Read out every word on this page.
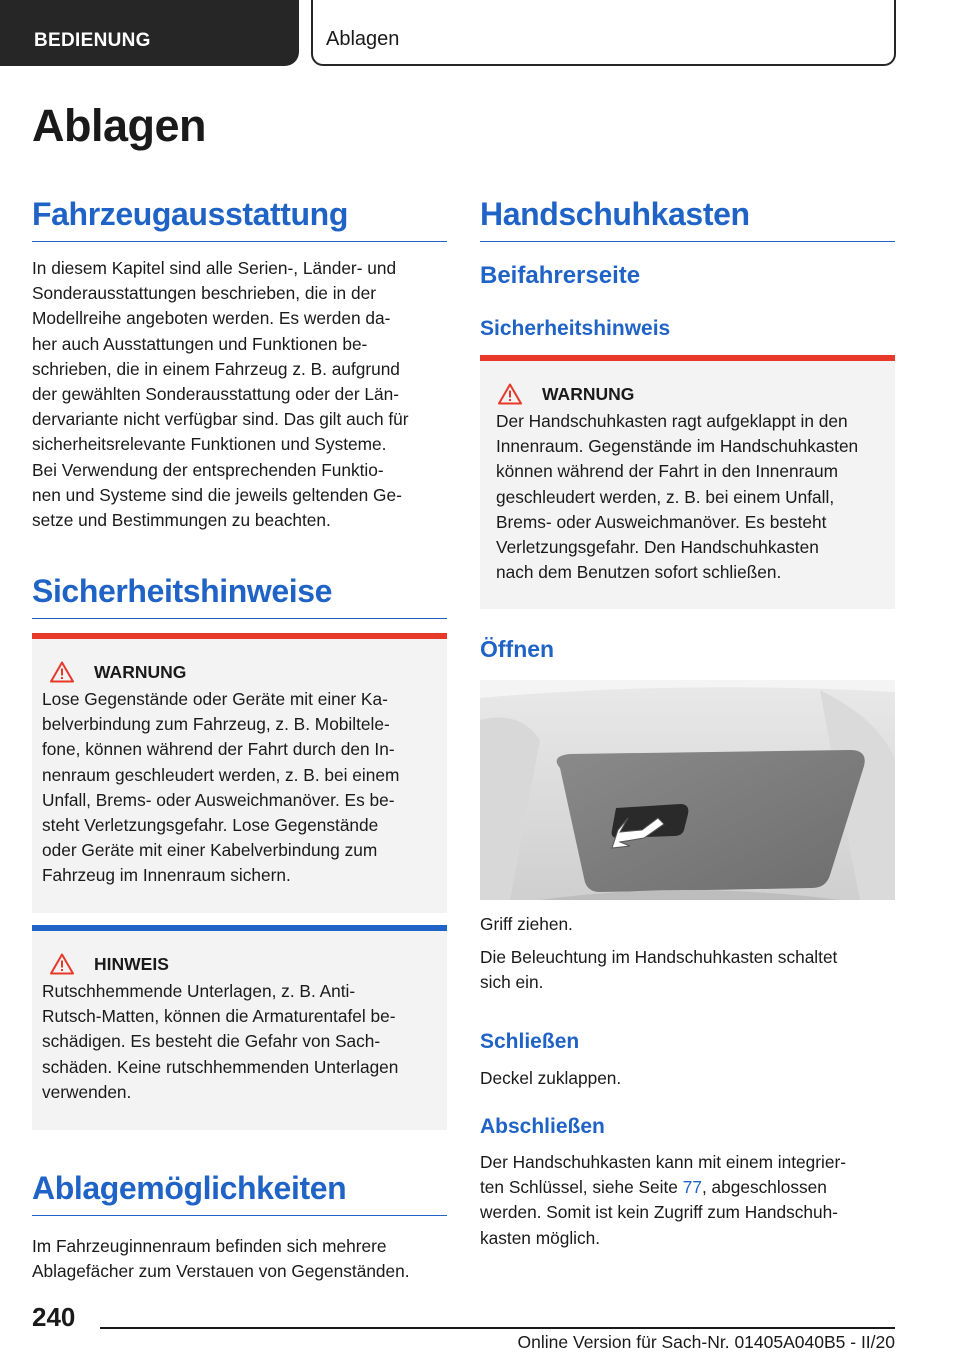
BEDIENUNG	Ablagen
Ablagen
Fahrzeugausstattung
In diesem Kapitel sind alle Serien-, Länder- und
Sonderausstattungen beschrieben, die in der
Modellreihe angeboten werden. Es werden da-
her auch Ausstattungen und Funktionen be-
schrieben, die in einem Fahrzeug z. B. aufgrund
der gewählten Sonderausstattung oder der Län-
dervariante nicht verfügbar sind. Das gilt auch für
sicherheitsrelevante Funktionen und Systeme.
Bei Verwendung der entsprechenden Funktio-
nen und Systeme sind die jeweils geltenden Ge-
setze und Bestimmungen zu beachten.
Sicherheitshinweise
WARNUNG
Lose Gegenstände oder Geräte mit einer Ka-
belverbindung zum Fahrzeug, z. B. Mobiltele-
fone, können während der Fahrt durch den In-
nenraum geschleudert werden, z. B. bei einem
Unfall, Brems- oder Ausweichmanöver. Es be-
steht Verletzungsgefahr. Lose Gegenstände
oder Geräte mit einer Kabelverbindung zum
Fahrzeug im Innenraum sichern.
HINWEIS
Rutschhemmende Unterlagen, z. B. Anti-
Rutsch-Matten, können die Armaturentafel be-
schädigen. Es besteht die Gefahr von Sach-
schäden. Keine rutschhemmenden Unterlagen
verwenden.
Ablagemöglichkeiten
Im Fahrzeuginnenraum befinden sich mehrere
Ablagefächer zum Verstauen von Gegenständen.
Handschuhkasten
Beifahrerseite
Sicherheitshinweis
WARNUNG
Der Handschuhkasten ragt aufgeklappt in den
Innenraum. Gegenstände im Handschuhkasten
können während der Fahrt in den Innenraum
geschleudert werden, z. B. bei einem Unfall,
Brems- oder Ausweichmanöver. Es besteht
Verletzungsgefahr. Den Handschuhkasten
nach dem Benutzen sofort schließen.
Öffnen
Griff ziehen.
Die Beleuchtung im Handschuhkasten schaltet
sich ein.
Schließen
Deckel zuklappen.
Abschließen
Der Handschuhkasten kann mit einem integrier-
ten Schlüssel, siehe Seite 77, abgeschlossen
werden. Somit ist kein Zugriff zum Handschuh-
kasten möglich.
240
Online Version für Sach-Nr. 01405A040B5 - II/20
